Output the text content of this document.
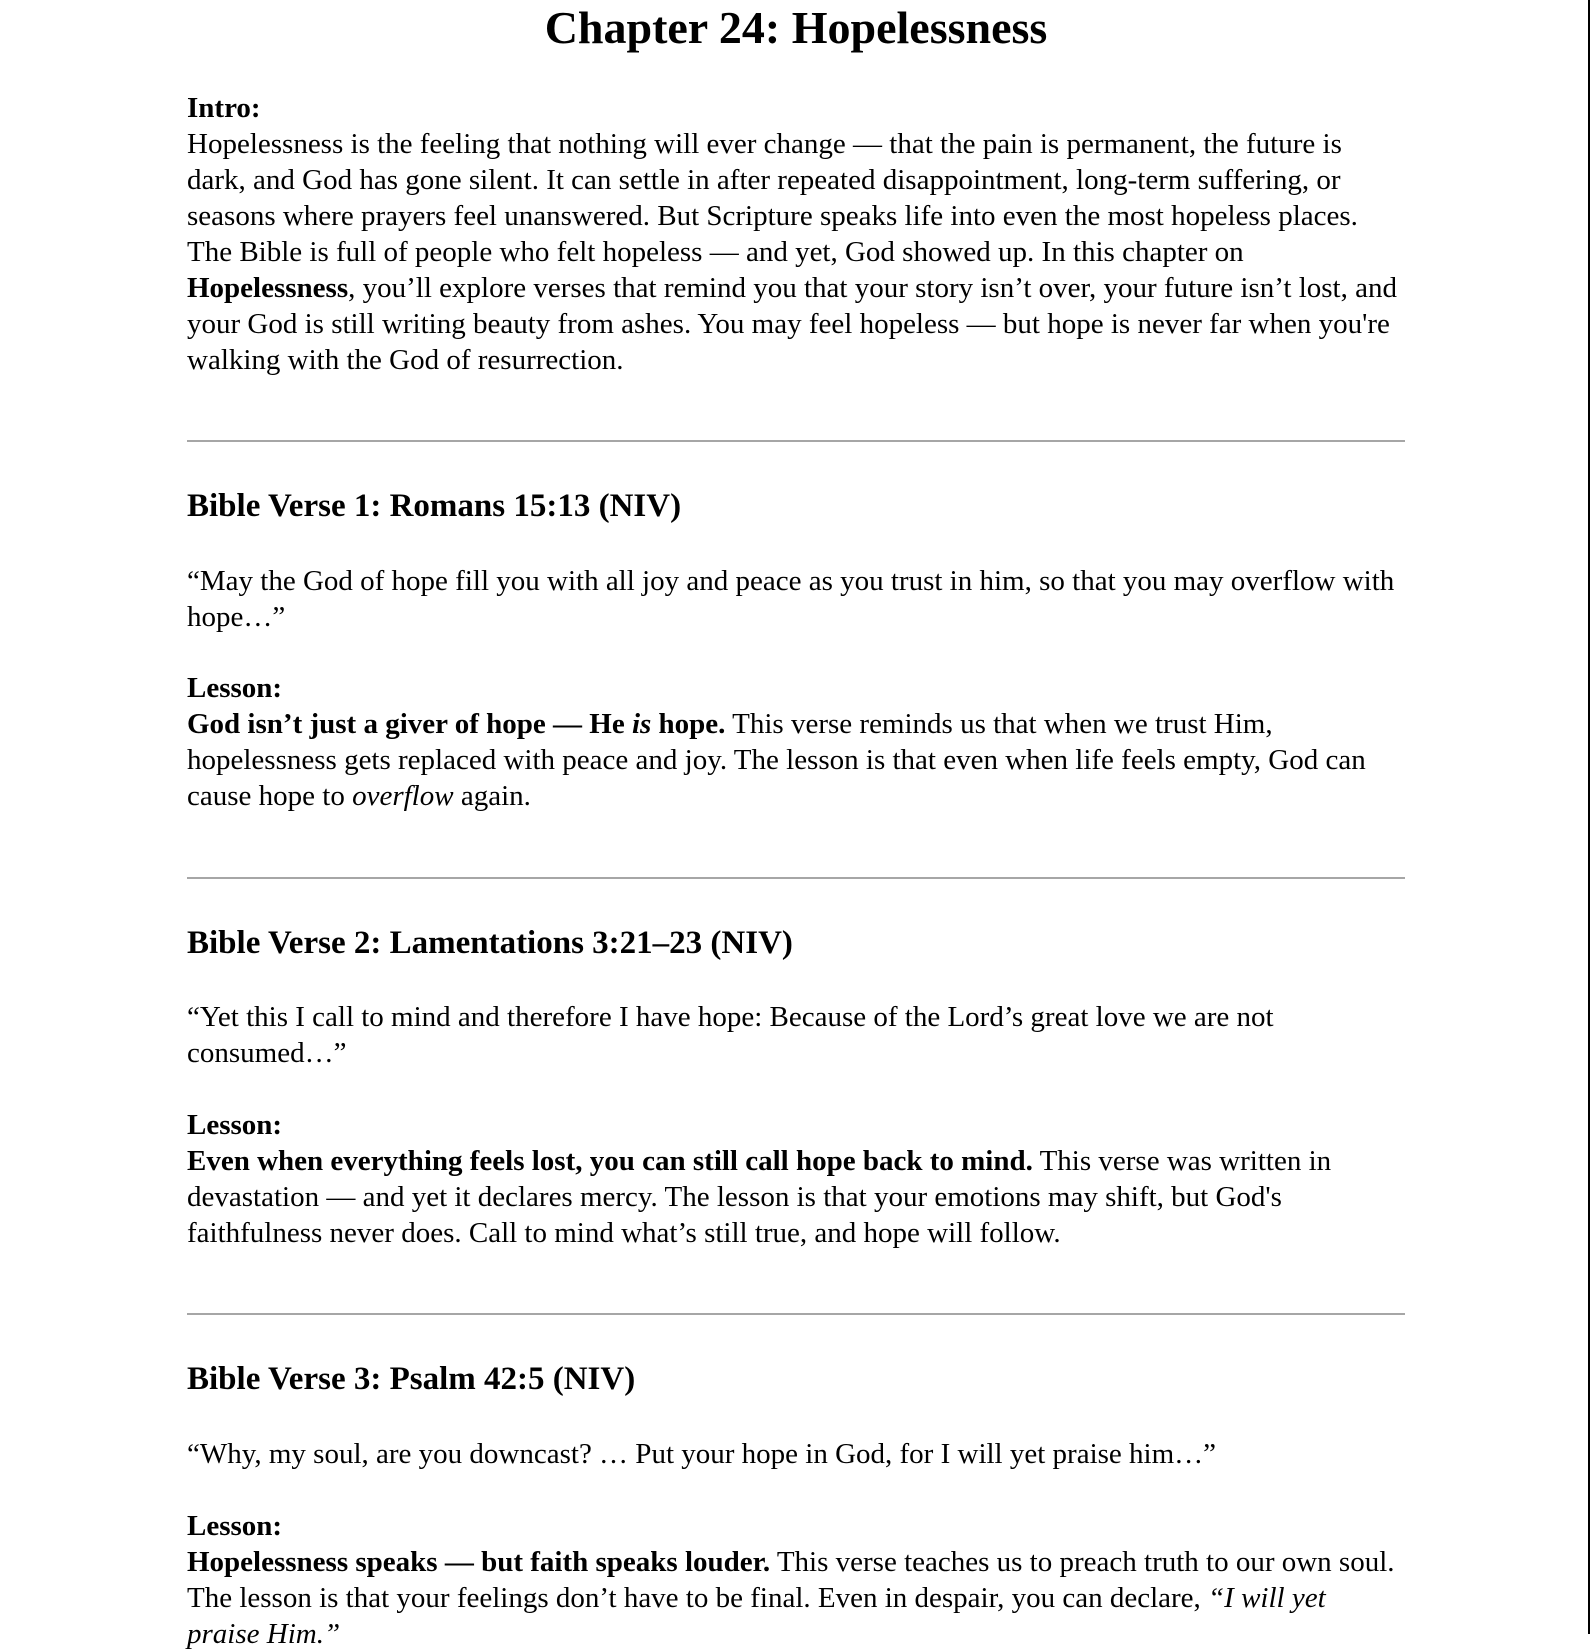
Chapter 24: Hopelessness
Intro:
Hopelessness is the feeling that nothing will ever change — that the pain is permanent, the future is dark, and God has gone silent. It can settle in after repeated disappointment, long-term suffering, or seasons where prayers feel unanswered. But Scripture speaks life into even the most hopeless places. The Bible is full of people who felt hopeless — and yet, God showed up. In this chapter on Hopelessness, you’ll explore verses that remind you that your story isn’t over, your future isn’t lost, and your God is still writing beauty from ashes. You may feel hopeless — but hope is never far when you're walking with the God of resurrection.
Bible Verse 1: Romans 15:13 (NIV)
“May the God of hope fill you with all joy and peace as you trust in him, so that you may overflow with hope…”
Lesson:
God isn’t just a giver of hope — He is hope. This verse reminds us that when we trust Him, hopelessness gets replaced with peace and joy. The lesson is that even when life feels empty, God can cause hope to overflow again.
Bible Verse 2: Lamentations 3:21–23 (NIV)
“Yet this I call to mind and therefore I have hope: Because of the Lord’s great love we are not consumed…”
Lesson:
Even when everything feels lost, you can still call hope back to mind. This verse was written in devastation — and yet it declares mercy. The lesson is that your emotions may shift, but God's faithfulness never does. Call to mind what’s still true, and hope will follow.
Bible Verse 3: Psalm 42:5 (NIV)
“Why, my soul, are you downcast? … Put your hope in God, for I will yet praise him…”
Lesson:
Hopelessness speaks — but faith speaks louder. This verse teaches us to preach truth to our own soul. The lesson is that your feelings don’t have to be final. Even in despair, you can declare, “I will yet praise Him.”
